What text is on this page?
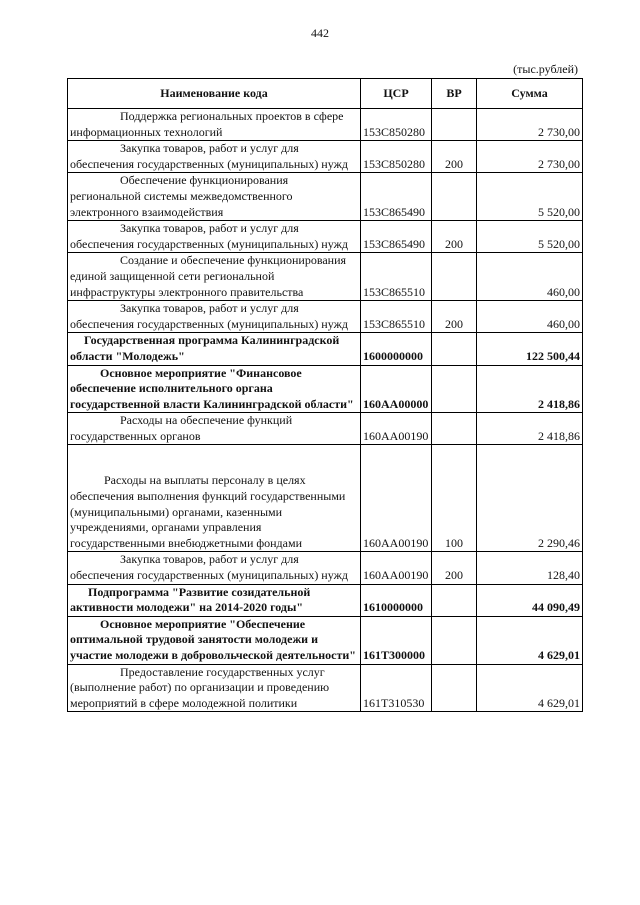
442
(тыс.рублей)
Наименование кода	ЦСР	ВР	Сумма

Поддержка региональных проектов в сфере информационных технологий	153C850280		2 730,00

Закупка товаров, работ и услуг для обеспечения государственных (муниципальных) нужд	153C850280	200	2 730,00

Обеспечение функционирования региональной системы межведомственного электронного взаимодействия	153C865490		5 520,00

Закупка товаров, работ и услуг для обеспечения государственных (муниципальных) нужд	153C865490	200	5 520,00

Создание и обеспечение функционирования единой защищенной сети региональной инфраструктуры электронного правительства	153C865510		460,00

Закупка товаров, работ и услуг для обеспечения государственных (муниципальных) нужд	153C865510	200	460,00

Государственная программа Калининградской области "Молодежь"	1600000000		122 500,44

Основное мероприятие "Финансовое обеспечение исполнительного органа государственной власти Калининградской области"	160AA00000		2 418,86

Расходы на обеспечение функций государственных органов	160AA00190		2 418,86

Расходы на выплаты персоналу в целях обеспечения выполнения функций государственными (муниципальными) органами, казенными учреждениями, органами управления государственными внебюджетными фондами	160AA00190	100	2 290,46

Закупка товаров, работ и услуг для обеспечения государственных (муниципальных) нужд	160AA00190	200	128,40

Подпрограмма "Развитие созидательной активности молодежи" на 2014-2020 годы"	1610000000		44 090,49

Основное мероприятие "Обеспечение оптимальной трудовой занятости молодежи и участие молодежи в добровольческой деятельности"	161T300000		4 629,01

Предоставление государственных услуг (выполнение работ) по организации и проведению мероприятий в сфере молодежной политики	161T310530		4 629,01
